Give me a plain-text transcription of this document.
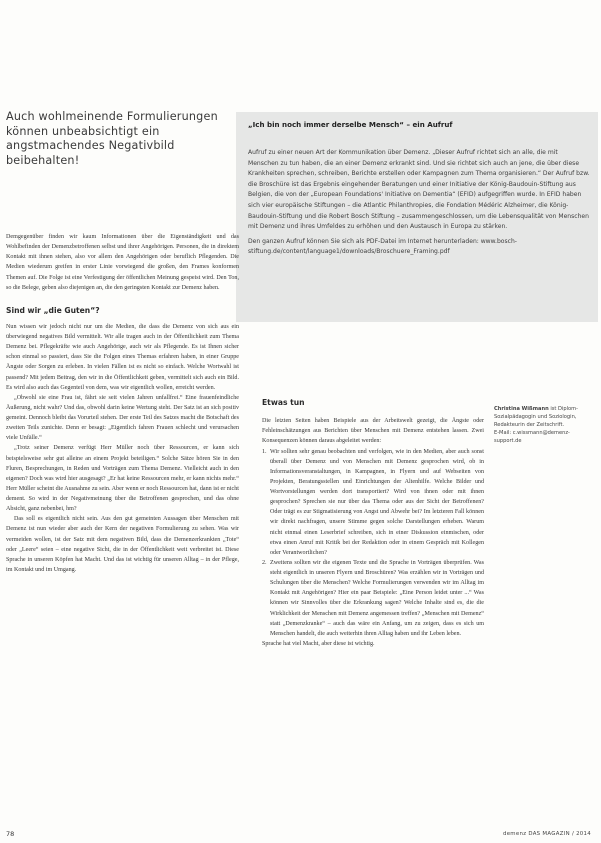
Auch wohlmeinende Formulierungen können unbeabsichtigt ein angstmachendes Negativbild beibehalten!
„Ich bin noch immer derselbe Mensch“ – ein Aufruf
Aufruf zu einer neuen Art der Kommunikation über Demenz. „Dieser Aufruf richtet sich an alle, die mit Menschen zu tun haben, die an einer Demenz erkrankt sind. Und sie richtet sich auch an jene, die über diese Krankheiten sprechen, schreiben, Berichte erstellen oder Kampagnen zum Thema organisieren.“ Der Aufruf bzw. die Broschüre ist das Ergebnis eingehender Beratungen und einer Initiative der König-Baudouin-Stiftung aus Belgien, die von der „European Foundations' Initiative on Dementia“ (EFID) aufgegriffen wurde. In EFID haben sich vier europäische Stiftungen – die Atlantic Philanthropies, die Fondation Médéric Alzheimer, die König-Baudouin-Stiftung und die Robert Bosch Stiftung – zusammengeschlossen, um die Lebensqualität von Menschen mit Demenz und ihres Umfeldes zu erhöhen und den Austausch in Europa zu stärken.
Den ganzen Aufruf können Sie sich als PDF-Datei im Internet herunterladen: www.bosch-stiftung.de/content/language1/downloads/Broschuere_Framing.pdf

Demgegenüber finden wir kaum Informationen über die Eigenständigkeit und das Wohlbefinden der Demenzbetroffenen selbst und ihrer Angehörigen. Personen, die in direktem Kontakt mit ihnen stehen, also vor allem den Angehörigen oder beruflich Pflegenden. Die Medien wiederum greifen in erster Linie vorwiegend die großen, den Frames konformen Themen auf. Die Folge ist eine Verfestigung der öffentlichen Meinung gespeist wird. Den Ton, so die Belege, geben also diejenigen an, die den geringsten Kontakt zur Demenz haben.

Sind wir „die Guten“?

Nun wissen wir jedoch nicht nur um die Medien, die dass die Demenz von sich aus ein überwiegend negatives Bild vermittelt. Wir alle tragen auch in der Öffentlichkeit zum Thema Demenz bei. Pflegekräfte wie auch Angehörige, auch wir als Pflegende. Es ist Ihnen sicher schon einmal so passiert, dass Sie die Folgen eines Themas erfahren haben, in einer Gruppe Ängste oder Sorgen zu erleben. In vielen Fällen ist es nicht so einfach. Welche Wortwahl ist passend? Mit jedem Beitrag, den wir in die Öffentlichkeit geben, vermittelt sich auch ein Bild. Es wird also auch das Gegenteil von dem, was wir eigentlich wollen, erreicht werden.

„Obwohl sie eine Frau ist, fährt sie seit vielen Jahren unfallfrei.“ Eine frauenfeindliche Äußerung, nicht wahr? Und das, obwohl darin keine Wertung steht. Der Satz ist an sich positiv gemeint. Dennoch bleibt das Vorurteil stehen. Der erste Teil des Satzes macht die Botschaft des zweiten Teils zunichte. Denn er besagt: „Eigentlich fahren Frauen schlecht und verursachen viele Unfälle.“

„Trotz seiner Demenz verfügt Herr Müller noch über Ressourcen, er kann sich beispielsweise sehr gut alleine an einem Projekt beteiligen.“ Solche Sätze hören Sie in den Fluren, Besprechungen, in Reden und Vorträgen zum Thema Demenz. Vielleicht auch in den eigenen? Doch was wird hier ausgesagt? „Er hat keine Ressourcen mehr, er kann nichts mehr.“ Herr Müller scheint die Ausnahme zu sein. Aber wenn er noch Ressourcen hat, dann ist er nicht dement. So wird in der Negativmeinung über die Betroffenen gesprochen, und das ohne Absicht, ganz nebenbei, hm?

Das soll es eigentlich nicht sein. Aus den gut gemeinten Aussagen über Menschen mit Demenz ist nun wieder aber auch der Kern der negativen Formulierung zu sehen. Was wir vermeiden wollen, ist der Satz mit dem negativen Bild, dass die Demenzerkrankten „Tote“ oder „Leere“ seien – eine negative Sicht, die in der Öffentlichkeit weit verbreitet ist. Diese Sprache in unseren Köpfen hat Macht. Und das ist wichtig für unseren Alltag – in der Pflege, im Kontakt und im Umgang.

Etwas tun

Die letzten Seiten haben Beispiele aus der Arbeitswelt gezeigt, die Ängste oder Fehleinschätzungen aus Berichten über Menschen mit Demenz entstehen lassen. Zwei Konsequenzen können daraus abgeleitet werden:

1. Wir sollten sehr genau beobachten und verfolgen, wie in den Medien, aber auch sonst überall über Demenz und von Menschen mit Demenz gesprochen wird, ob in Informationsveranstaltungen, in Kampagnen, in Flyern und auf Webseiten von Projekten, Beratungsstellen und Einrichtungen der Altenhilfe. Welche Bilder und Wortvorstellungen werden dort transportiert? Wird von ihnen oder mit ihnen gesprochen? Sprechen sie nur über das Thema oder aus der Sicht der Betroffenen? Oder trägt es zur Stigmatisierung von Angst und Abwehr bei? Im letzteren Fall können wir direkt nachfragen, unsere Stimme gegen solche Darstellungen erheben. Warum nicht einmal einen Leserbrief schreiben, sich in einer Diskussion einmischen, oder etwa einen Anruf mit Kritik bei der Redaktion oder in einem Gespräch mit Kollegen oder Verantwortlichen?
2. Zweitens sollten wir die eigenen Texte und die Sprache in Vorträgen überprüfen. Was steht eigentlich in unseren Flyern und Broschüren? Was erzählen wir in Vorträgen und Schulungen über die Menschen? Welche Formulierungen verwenden wir im Alltag im Kontakt mit Angehörigen? Hier ein paar Beispiele: „Eine Person leidet unter ...“ Was können wir Sinnvolles über die Erkrankung sagen? Welche Inhalte sind es, die die Wirklichkeit der Menschen mit Demenz angemessen treffen? „Menschen mit Demenz“ statt „Demenzkranke“ – auch das wäre ein Anfang, um zu zeigen, dass es sich um Menschen handelt, die auch weiterhin ihren Alltag haben und ihr Leben leben.

Sprache hat viel Macht, aber diese ist wichtig.

Christina Wißmann ist Diplom-Sozialpädagogin und Soziologin, Redakteurin der Zeitschrift.
E-Mail: c.wissmann@demenz-support.de
78	demenz DAS MAGAZIN / 2014
